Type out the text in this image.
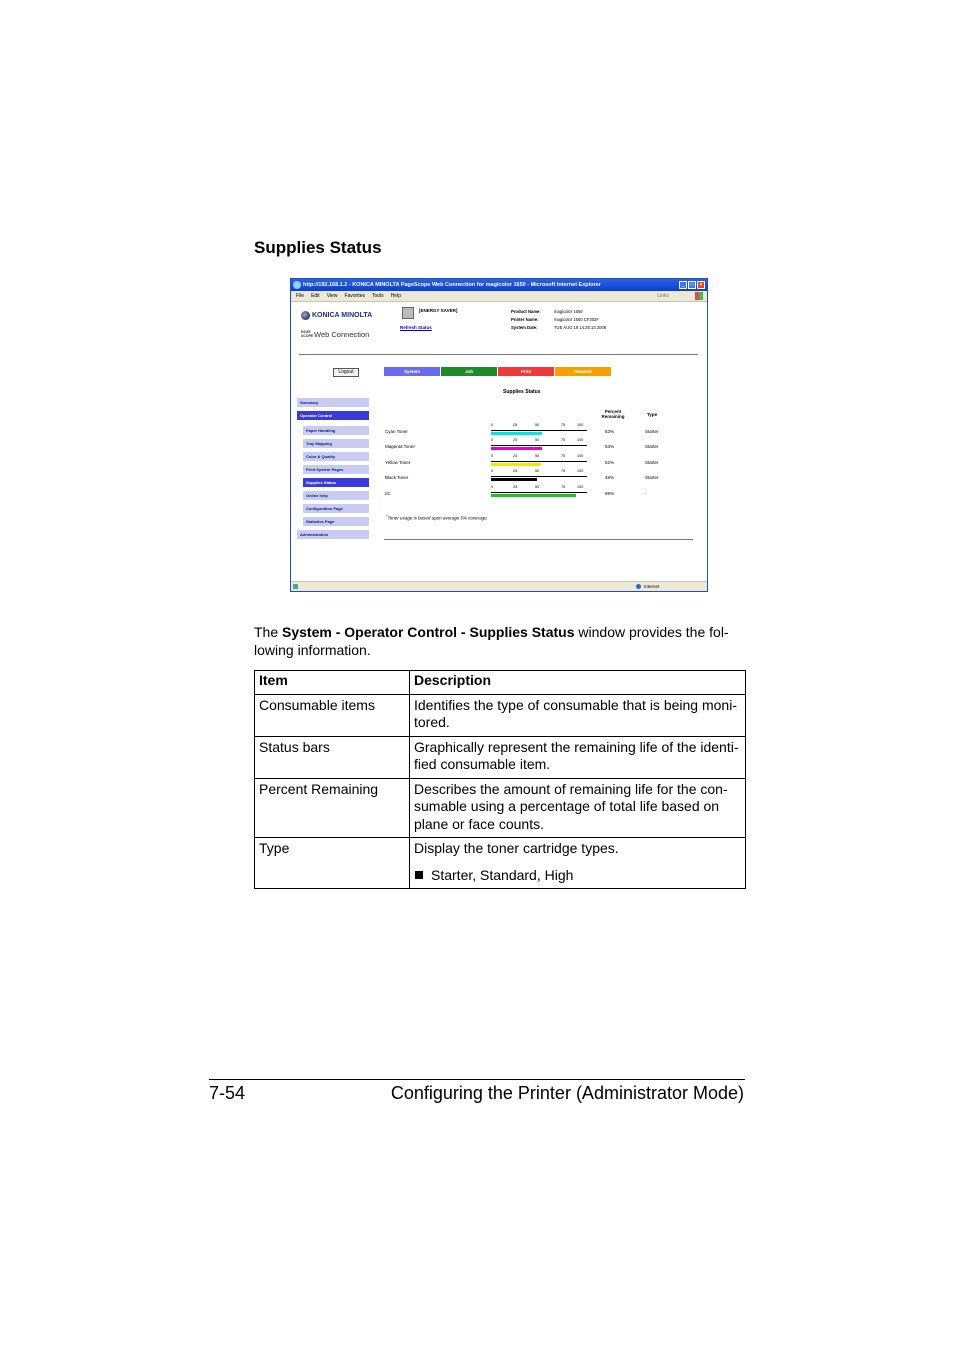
Supplies Status
http://192.168.1.2 - KONICA MINOLTA PageScope Web Connection for magicolor 1650 - Microsoft Internet Explorer	_	□	×
File Edit View Favorites Tools Help	Links
KONICA MINOLTA
PAGE SCOPE Web Connection
[ENERGY SAVER]
Refresh Status
Product Name:	magicolor 1650
Printer Name:	magicolor 1650 CF302F
System Date:	TUE AUG 19 14:25:13 2008
Logout	System	Job	Print	Network
Summary
Operator Control
Paper Handling
Tray Mapping
Color & Quality
Print System Pages
Supplies Status
Online help
Configuration Page
Statistics Page
Administration
Supplies Status
Percent Remaining	Type
Cyan Toner
0	25	50	75	100
53%	Starter
Magenta Toner
0	25	50	75	100
53%	Starter
Yellow Toner
0	25	50	75	100
52%	Starter
Black Toner
0	25	50	75	100
48%	Starter
I/C
0	25	50	75	100
89%	-
*Toner usage is based upon average 5% coverage.
Internet
The System - Operator Control - Supplies Status window provides the fol-lowing information.
Item	Description
Consumable items	Identifies the type of consumable that is being moni-tored.
Status bars	Graphically represent the remaining life of the identi-fied consumable item.
Percent Remaining	Describes the amount of remaining life for the con-sumable using a percentage of total life based on plane or face counts.
Type	Display the toner cartridge types.
Starter, Standard, High
7-54	Configuring the Printer (Administrator Mode)
